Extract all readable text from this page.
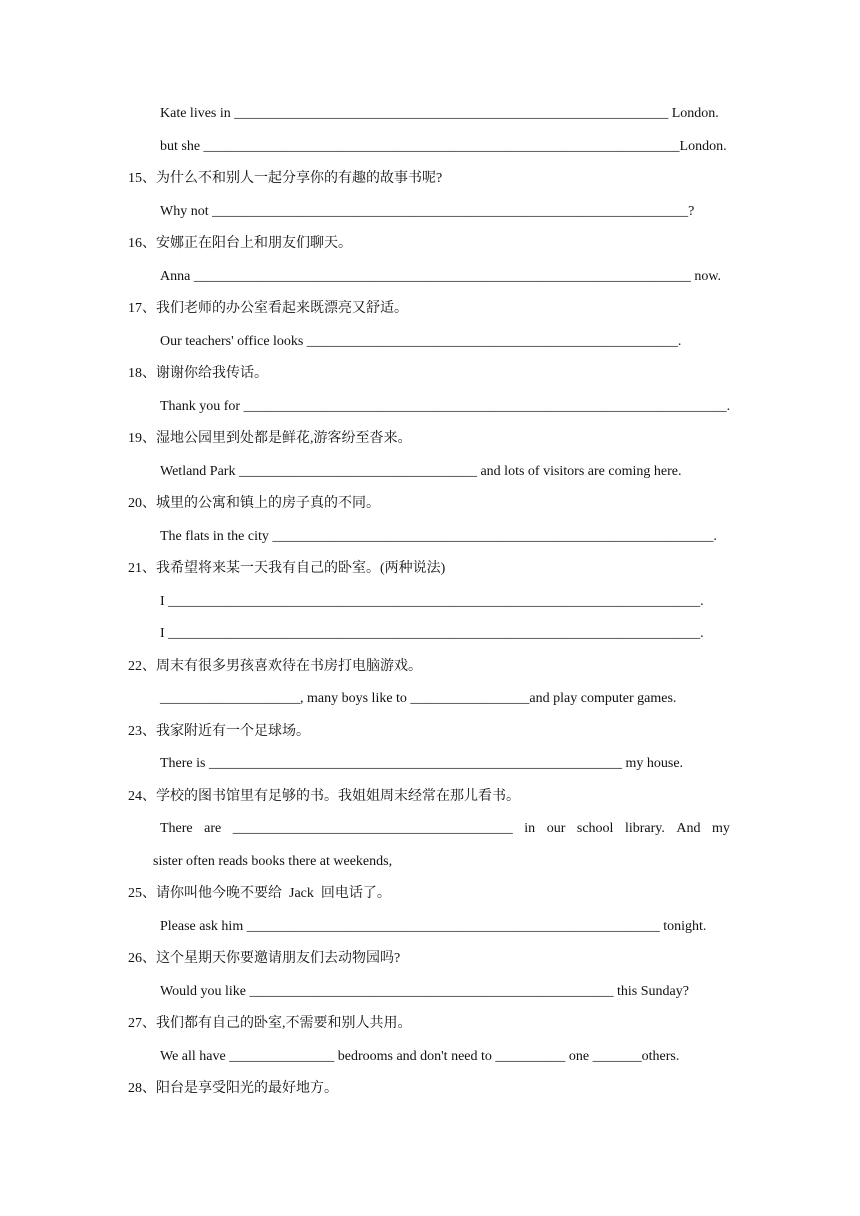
Kate lives in ______________________________________________________________ London.
but she ____________________________________________________________________London.
15、为什么不和别人一起分享你的有趣的故事书呢?
Why not ____________________________________________________________________?
16、安娜正在阳台上和朋友们聊天。
Anna _______________________________________________________________________ now.
17、我们老师的办公室看起来既漂亮又舒适。
Our teachers' office looks _____________________________________________________.
18、谢谢你给我传话。
Thank you for _____________________________________________________________________.
19、湿地公园里到处都是鲜花,游客纷至沓来。
Wetland Park __________________________________ and lots of visitors are coming here.
20、城里的公寓和镇上的房子真的不同。
The flats in the city _______________________________________________________________.
21、我希望将来某一天我有自己的卧室。(两种说法)
I ____________________________________________________________________________.
I ____________________________________________________________________________.
22、周末有很多男孩喜欢待在书房打电脑游戏。
____________________, many boys like to _________________and play computer games.
23、我家附近有一个足球场。
There is ___________________________________________________________ my house.
24、学校的图书馆里有足够的书。我姐姐周末经常在那儿看书。
There are ________________________________________ in our school library. And my
sister often reads books there at weekends,
25、请你叫他今晚不要给  Jack  回电话了。
Please ask him ___________________________________________________________ tonight.
26、这个星期天你要邀请朋友们去动物园吗?
Would you like ____________________________________________________ this Sunday?
27、我们都有自己的卧室,不需要和别人共用。
We all have _______________ bedrooms and don't need to __________ one _______others.
28、阳台是享受阳光的最好地方。
